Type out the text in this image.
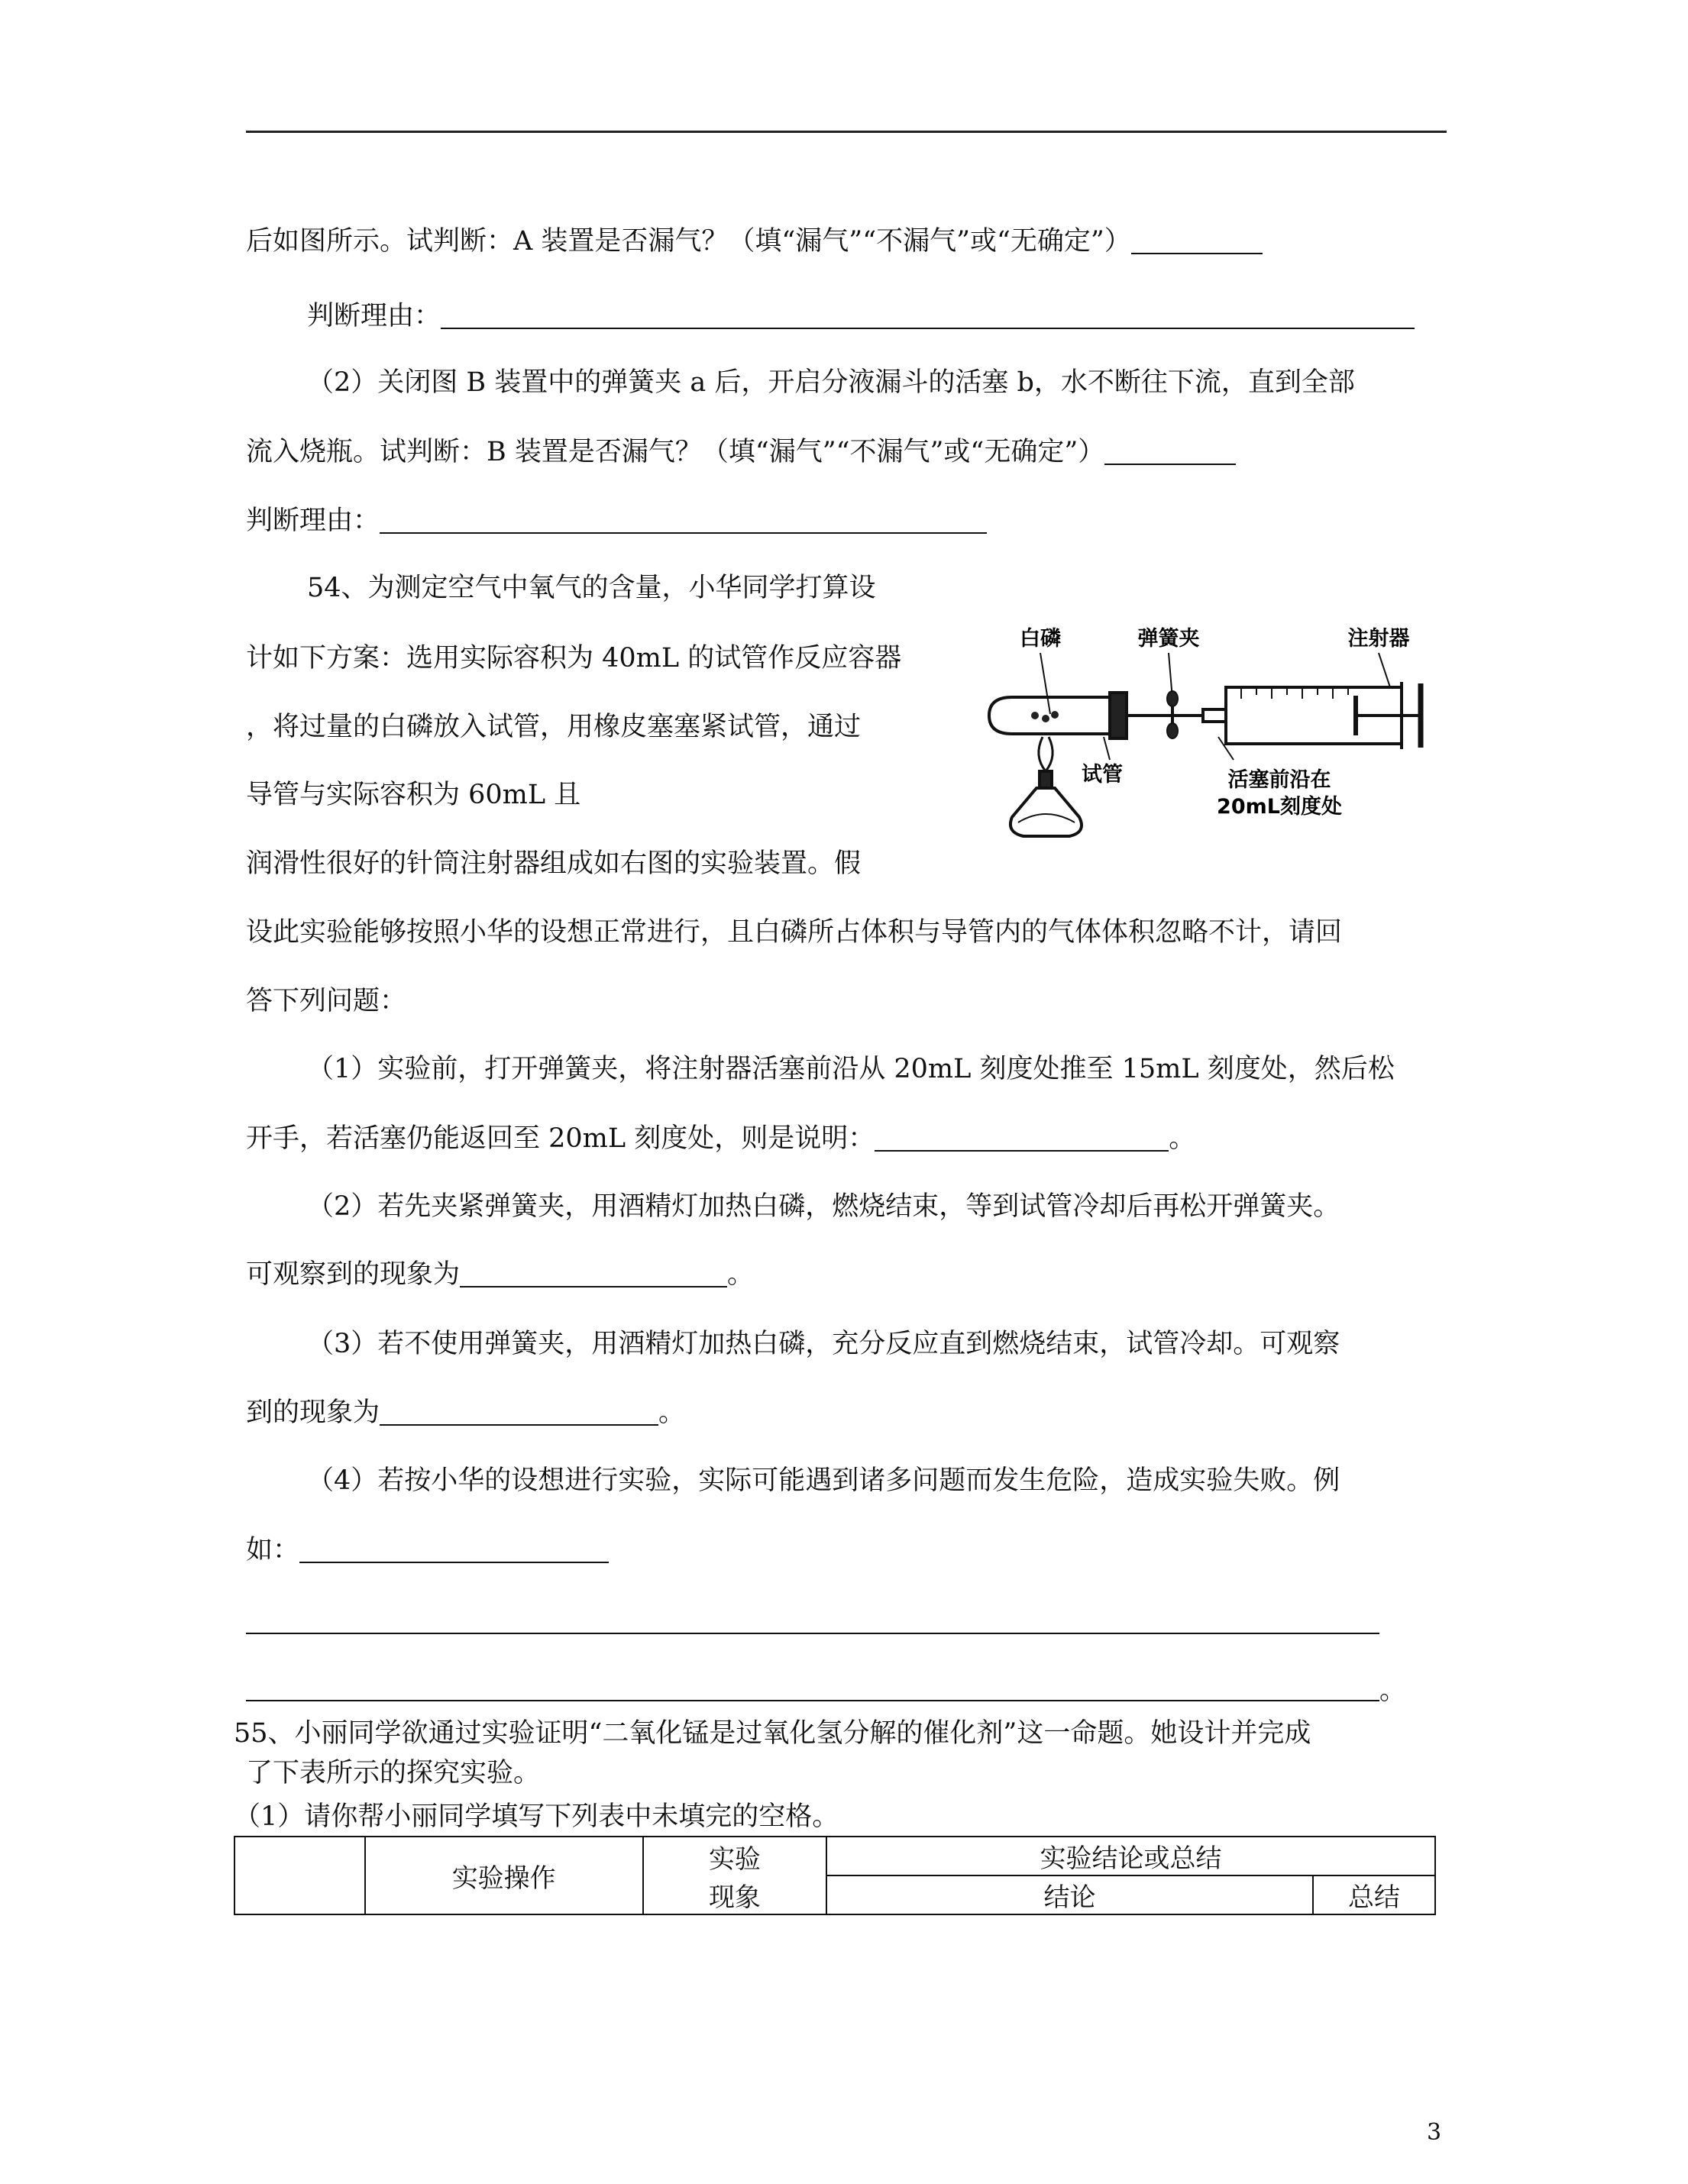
后如图所示。试判断：A 装置是否漏气？（填“漏气”“不漏气”或“无确定”）
判断理由：
（2）关闭图 B 装置中的弹簧夹 a 后，开启分液漏斗的活塞 b，水不断往下流，直到全部
流入烧瓶。试判断：B 装置是否漏气？（填“漏气”“不漏气”或“无确定”）
判断理由：
54、为测定空气中氧气的含量，小华同学打算设
计如下方案：选用实际容积为 40mL 的试管作反应容器
，将过量的白磷放入试管，用橡皮塞塞紧试管，通过
导管与实际容积为 60mL 且
润滑性很好的针筒注射器组成如右图的实验装置。假
设此实验能够按照小华的设想正常进行，且白磷所占体积与导管内的气体体积忽略不计，请回
答下列问题：
白磷	弹簧夹	注射器
试管	活塞前沿在
20mL刻度处
（1）实验前，打开弹簧夹，将注射器活塞前沿从 20mL 刻度处推至 15mL 刻度处，然后松
开手，若活塞仍能返回至 20mL 刻度处，则是说明：	。
（2）若先夹紧弹簧夹，用酒精灯加热白磷，燃烧结束，等到试管冷却后再松开弹簧夹。
可观察到的现象为	。
（3）若不使用弹簧夹，用酒精灯加热白磷，充分反应直到燃烧结束，试管冷却。可观察
到的现象为	。
（4）若按小华的设想进行实验，实际可能遇到诸多问题而发生危险，造成实验失败。例
如：
。
55、小丽同学欲通过实验证明“二氧化锰是过氧化氢分解的催化剂”这一命题。她设计并完成
了下表所示的探究实验。
（1）请你帮小丽同学填写下列表中未填完的空格。
	实验操作	实验	实验结论或总结	
		现象	结论	总结
3
